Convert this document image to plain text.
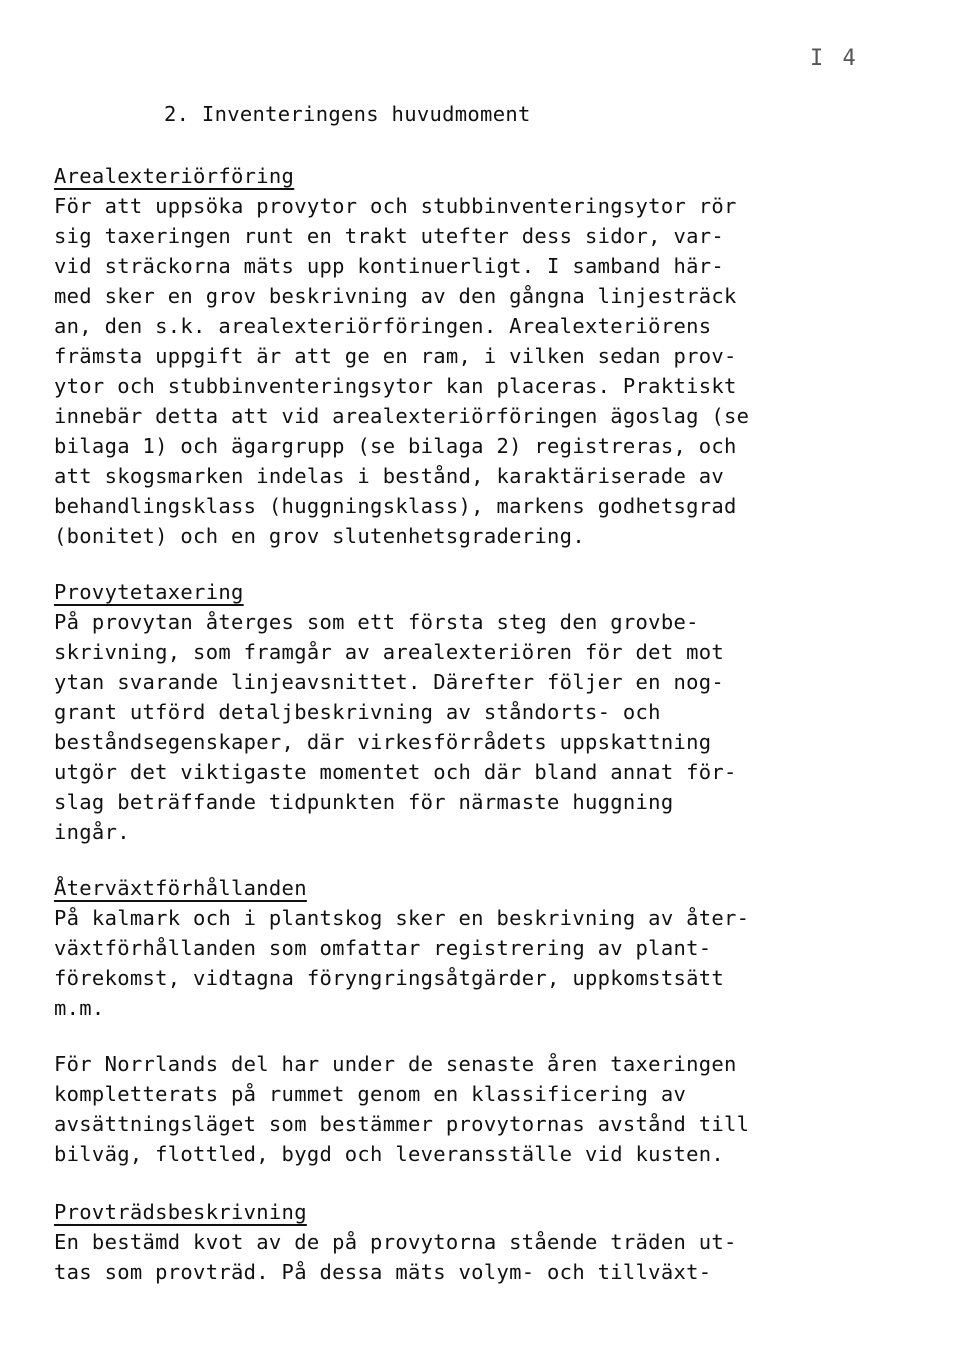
I 4
2. Inventeringens huvudmoment
Arealexteriörföring
För att uppsöka provytor och stubbinventeringsytor rör
sig taxeringen runt en trakt utefter dess sidor, var-
vid sträckorna mäts upp kontinuerligt. I samband här-
med sker en grov beskrivning av den gångna linjesträck
an, den s.k. arealexteriörföringen. Arealexteriörens
främsta uppgift är att ge en ram, i vilken sedan prov-
ytor och stubbinventeringsytor kan placeras. Praktiskt
innebär detta att vid arealexteriörföringen ägoslag (se
bilaga 1) och ägargrupp (se bilaga 2) registreras, och
att skogsmarken indelas i bestånd, karaktäriserade av
behandlingsklass (huggningsklass), markens godhetsgrad
(bonitet) och en grov slutenhetsgradering.
Provytetaxering
På provytan återges som ett första steg den grovbe-
skrivning, som framgår av arealexteriören för det mot
ytan svarande linjeavsnittet. Därefter följer en nog-
grant utförd detaljbeskrivning av ståndorts- och
beståndsegenskaper, där virkesförrådets uppskattning
utgör det viktigaste momentet och där bland annat för-
slag beträffande tidpunkten för närmaste huggning
ingår.
Återväxtförhållanden
På kalmark och i plantskog sker en beskrivning av åter-
växtförhållanden som omfattar registrering av plant-
förekomst, vidtagna föryngringsåtgärder, uppkomstsätt
m.m.
För Norrlands del har under de senaste åren taxeringen
kompletterats på rummet genom en klassificering av
avsättningsläget som bestämmer provytornas avstånd till
bilväg, flottled, bygd och leveransställe vid kusten.
Provträdsbeskrivning
En bestämd kvot av de på provytorna stående träden ut-
tas som provträd. På dessa mäts volym- och tillväxt-
